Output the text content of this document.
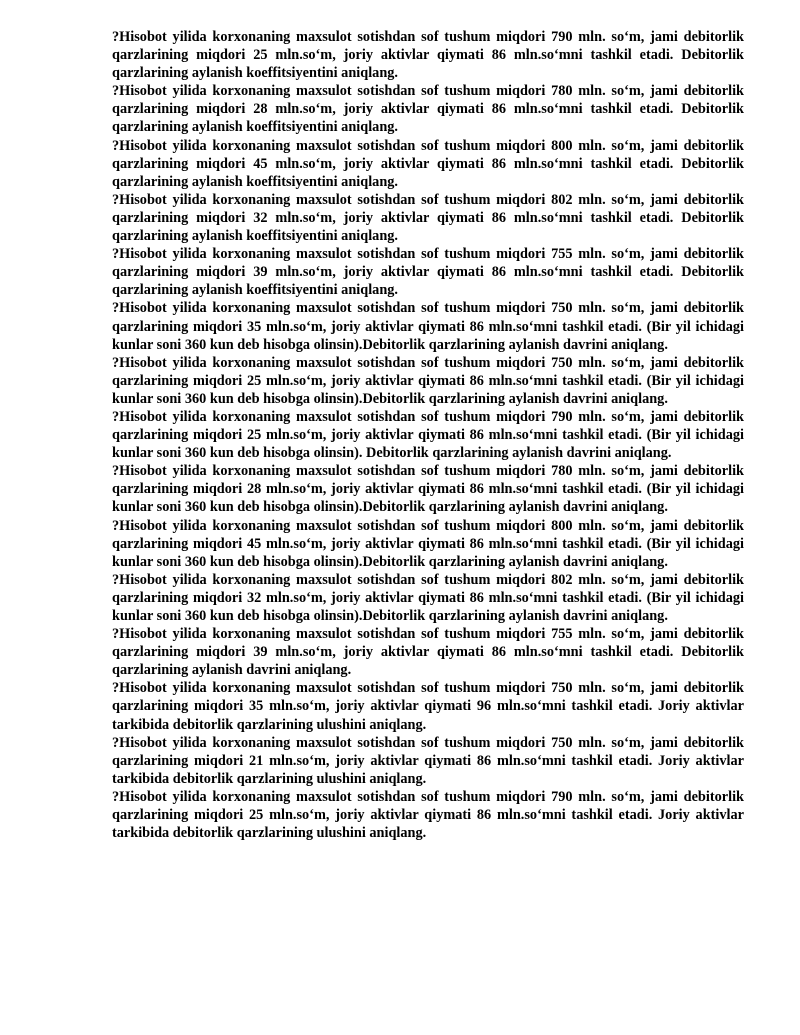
?Hisobot yilida korxonaning maxsulot sotishdan sof tushum miqdori 790 mln. so‘m, jami debitorlik qarzlarining miqdori 25 mln.so‘m, joriy aktivlar qiymati 86 mln.so‘mni tashkil etadi. Debitorlik qarzlarining aylanish koeffitsiyentini aniqlang.

?Hisobot yilida korxonaning maxsulot sotishdan sof tushum miqdori 780 mln. so‘m, jami debitorlik qarzlarining miqdori 28 mln.so‘m, joriy aktivlar qiymati 86 mln.so‘mni tashkil etadi. Debitorlik qarzlarining aylanish koeffitsiyentini aniqlang.

?Hisobot yilida korxonaning maxsulot sotishdan sof tushum miqdori 800 mln. so‘m, jami debitorlik qarzlarining miqdori 45 mln.so‘m, joriy aktivlar qiymati 86 mln.so‘mni tashkil etadi. Debitorlik qarzlarining aylanish koeffitsiyentini aniqlang.

?Hisobot yilida korxonaning maxsulot sotishdan sof tushum miqdori 802 mln. so‘m, jami debitorlik qarzlarining miqdori 32 mln.so‘m, joriy aktivlar qiymati 86 mln.so‘mni tashkil etadi. Debitorlik qarzlarining aylanish koeffitsiyentini aniqlang.

?Hisobot yilida korxonaning maxsulot sotishdan sof tushum miqdori 755 mln. so‘m, jami debitorlik qarzlarining miqdori 39 mln.so‘m, joriy aktivlar qiymati 86 mln.so‘mni tashkil etadi. Debitorlik qarzlarining aylanish koeffitsiyentini aniqlang.

?Hisobot yilida korxonaning maxsulot sotishdan sof tushum miqdori 750 mln. so‘m, jami debitorlik qarzlarining miqdori 35 mln.so‘m, joriy aktivlar qiymati 86 mln.so‘mni tashkil etadi. (Bir yil ichidagi kunlar soni 360 kun deb hisobga olinsin).Debitorlik qarzlarining aylanish davrini aniqlang.

?Hisobot yilida korxonaning maxsulot sotishdan sof tushum miqdori 750 mln. so‘m, jami debitorlik qarzlarining miqdori 25 mln.so‘m, joriy aktivlar qiymati 86 mln.so‘mni tashkil etadi. (Bir yil ichidagi kunlar soni 360 kun deb hisobga olinsin).Debitorlik qarzlarining aylanish davrini aniqlang.

?Hisobot yilida korxonaning maxsulot sotishdan sof tushum miqdori 790 mln. so‘m, jami debitorlik qarzlarining miqdori 25 mln.so‘m, joriy aktivlar qiymati 86 mln.so‘mni tashkil etadi. (Bir yil ichidagi kunlar soni 360 kun deb hisobga olinsin). Debitorlik qarzlarining aylanish davrini aniqlang.

?Hisobot yilida korxonaning maxsulot sotishdan sof tushum miqdori 780 mln. so‘m, jami debitorlik qarzlarining miqdori 28 mln.so‘m, joriy aktivlar qiymati 86 mln.so‘mni tashkil etadi. (Bir yil ichidagi kunlar soni 360 kun deb hisobga olinsin).Debitorlik qarzlarining aylanish davrini aniqlang.

?Hisobot yilida korxonaning maxsulot sotishdan sof tushum miqdori 800 mln. so‘m, jami debitorlik qarzlarining miqdori 45 mln.so‘m, joriy aktivlar qiymati 86 mln.so‘mni tashkil etadi. (Bir yil ichidagi kunlar soni 360 kun deb hisobga olinsin).Debitorlik qarzlarining aylanish davrini aniqlang.

?Hisobot yilida korxonaning maxsulot sotishdan sof tushum miqdori 802 mln. so‘m, jami debitorlik qarzlarining miqdori 32 mln.so‘m, joriy aktivlar qiymati 86 mln.so‘mni tashkil etadi. (Bir yil ichidagi kunlar soni 360 kun deb hisobga olinsin).Debitorlik qarzlarining aylanish davrini aniqlang.

?Hisobot yilida korxonaning maxsulot sotishdan sof tushum miqdori 755 mln. so‘m, jami debitorlik qarzlarining miqdori 39 mln.so‘m, joriy aktivlar qiymati 86 mln.so‘mni tashkil etadi. Debitorlik qarzlarining aylanish davrini aniqlang.

?Hisobot yilida korxonaning maxsulot sotishdan sof tushum miqdori 750 mln. so‘m, jami debitorlik qarzlarining miqdori 35 mln.so‘m, joriy aktivlar qiymati 96 mln.so‘mni tashkil etadi. Joriy aktivlar tarkibida debitorlik qarzlarining ulushini aniqlang.

?Hisobot yilida korxonaning maxsulot sotishdan sof tushum miqdori 750 mln. so‘m, jami debitorlik qarzlarining miqdori 21 mln.so‘m, joriy aktivlar qiymati 86 mln.so‘mni tashkil etadi. Joriy aktivlar tarkibida debitorlik qarzlarining ulushini aniqlang.

?Hisobot yilida korxonaning maxsulot sotishdan sof tushum miqdori 790 mln. so‘m, jami debitorlik qarzlarining miqdori 25 mln.so‘m, joriy aktivlar qiymati 86 mln.so‘mni tashkil etadi. Joriy aktivlar tarkibida debitorlik qarzlarining ulushini aniqlang.
